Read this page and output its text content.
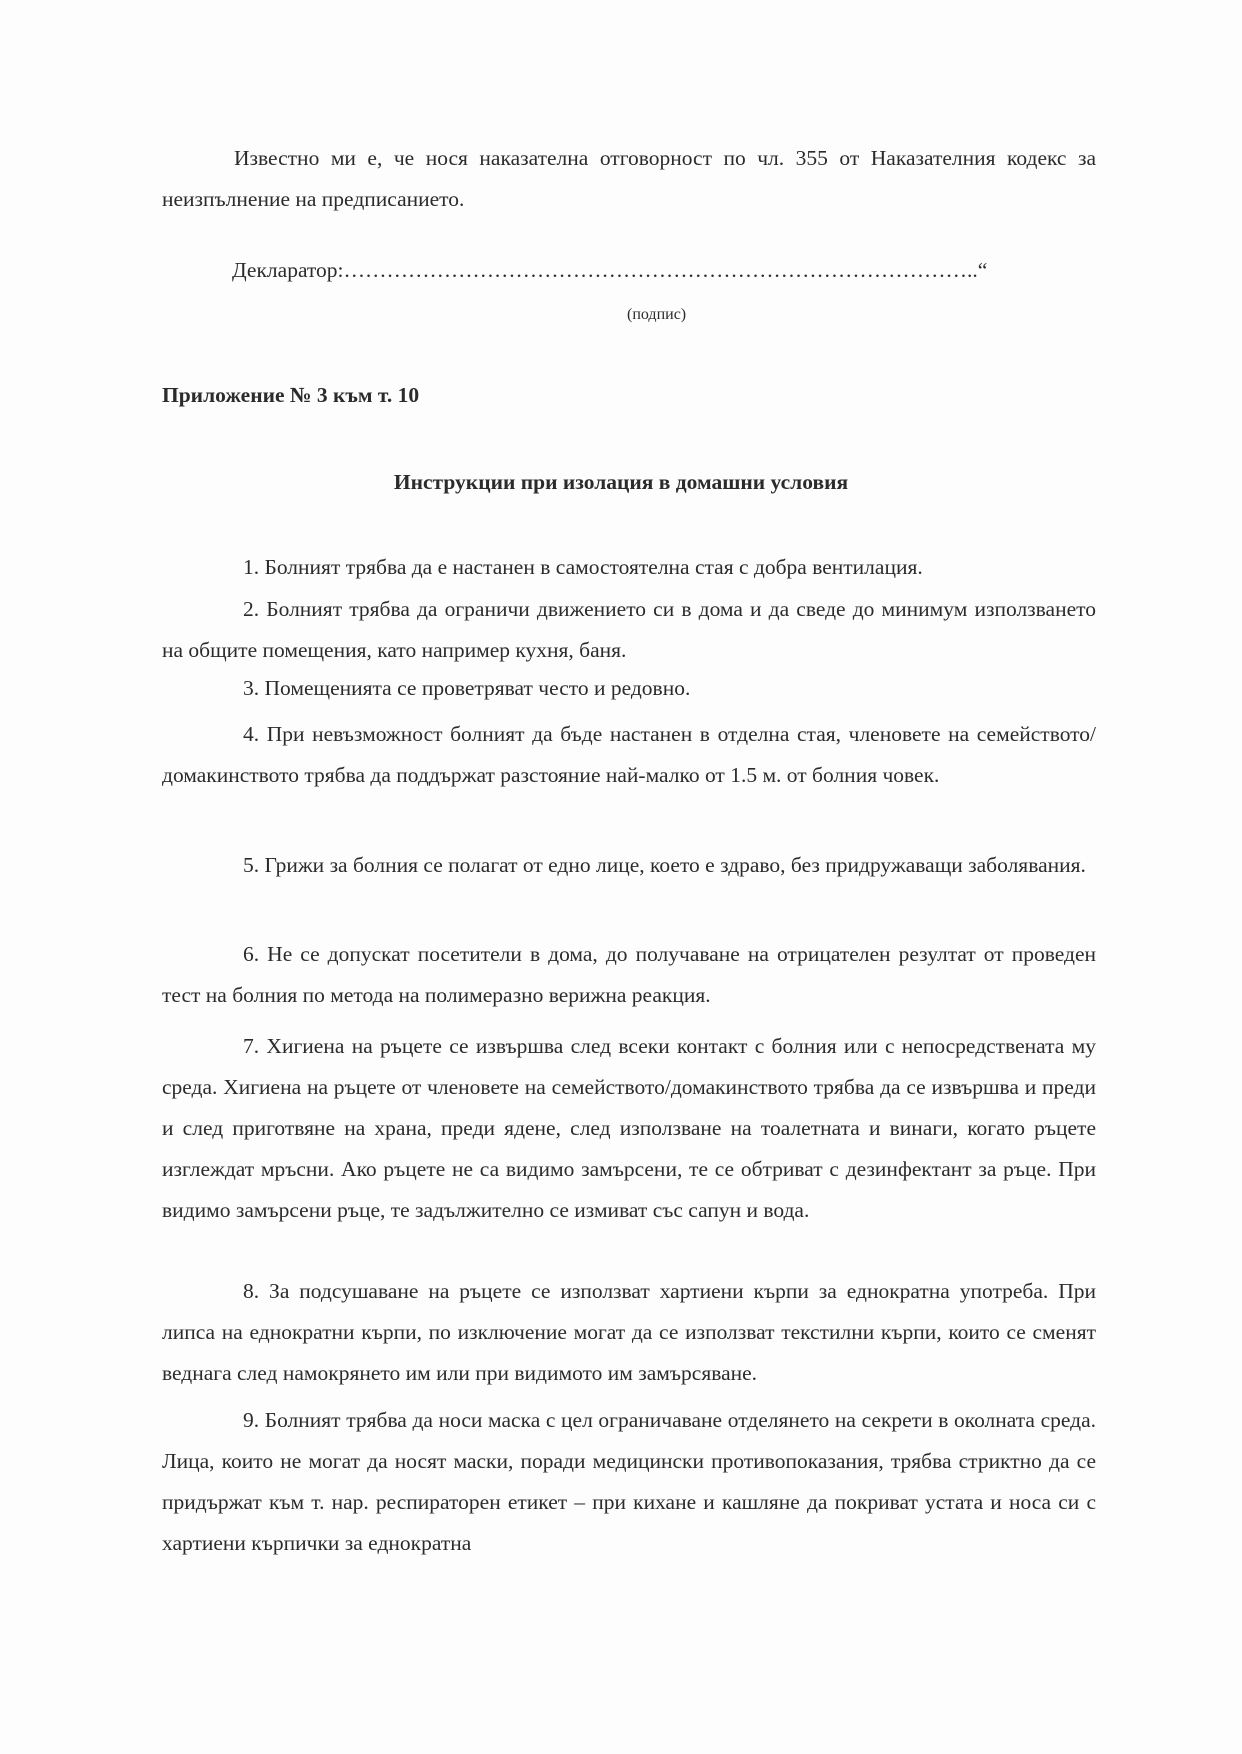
Известно ми е, че нося наказателна отговорност по чл. 355 от Наказателния кодекс за неизпълнение на предписанието.
Декларатор:……………………………………………………………………………..“
(подпис)
Приложение № 3 към т. 10
Инструкции при изолация в домашни условия
1. Болният трябва да е настанен в самостоятелна стая с добра вентилация.
2. Болният трябва да ограничи движението си в дома и да сведе до минимум използването на общите помещения, като например кухня, баня.
3. Помещенията се проветряват често и редовно.
4. При невъзможност болният да бъде настанен в отделна стая, членовете на семейството/домакинството трябва да поддържат разстояние най-малко от 1.5 м. от болния човек.
5. Грижи за болния се полагат от едно лице, което е здраво, без придружаващи заболявания.
6. Не се допускат посетители в дома, до получаване на отрицателен резултат от проведен тест на болния по метода на полимеразно верижна реакция.
7. Хигиена на ръцете се извършва след всеки контакт с болния или с непосредствената му среда. Хигиена на ръцете от членовете на семейството/домакинството трябва да се извършва и преди и след приготвяне на храна, преди ядене, след използване на тоалетната и винаги, когато ръцете изглеждат мръсни. Ако ръцете не са видимо замърсени, те се обтриват с дезинфектант за ръце. При видимо замърсени ръце, те задължително се измиват със сапун и вода.
8. За подсушаване на ръцете се използват хартиени кърпи за еднократна употреба. При липса на еднократни кърпи, по изключение могат да се използват текстилни кърпи, които се сменят веднага след намокрянето им или при видимото им замърсяване.
9. Болният трябва да носи маска с цел ограничаване отделянето на секрети в околната среда. Лица, които не могат да носят маски, поради медицински противопоказания, трябва стриктно да се придържат към т. нар. респираторен етикет – при кихане и кашляне да покриват устата и носа си с хартиени кърпички за еднократна
